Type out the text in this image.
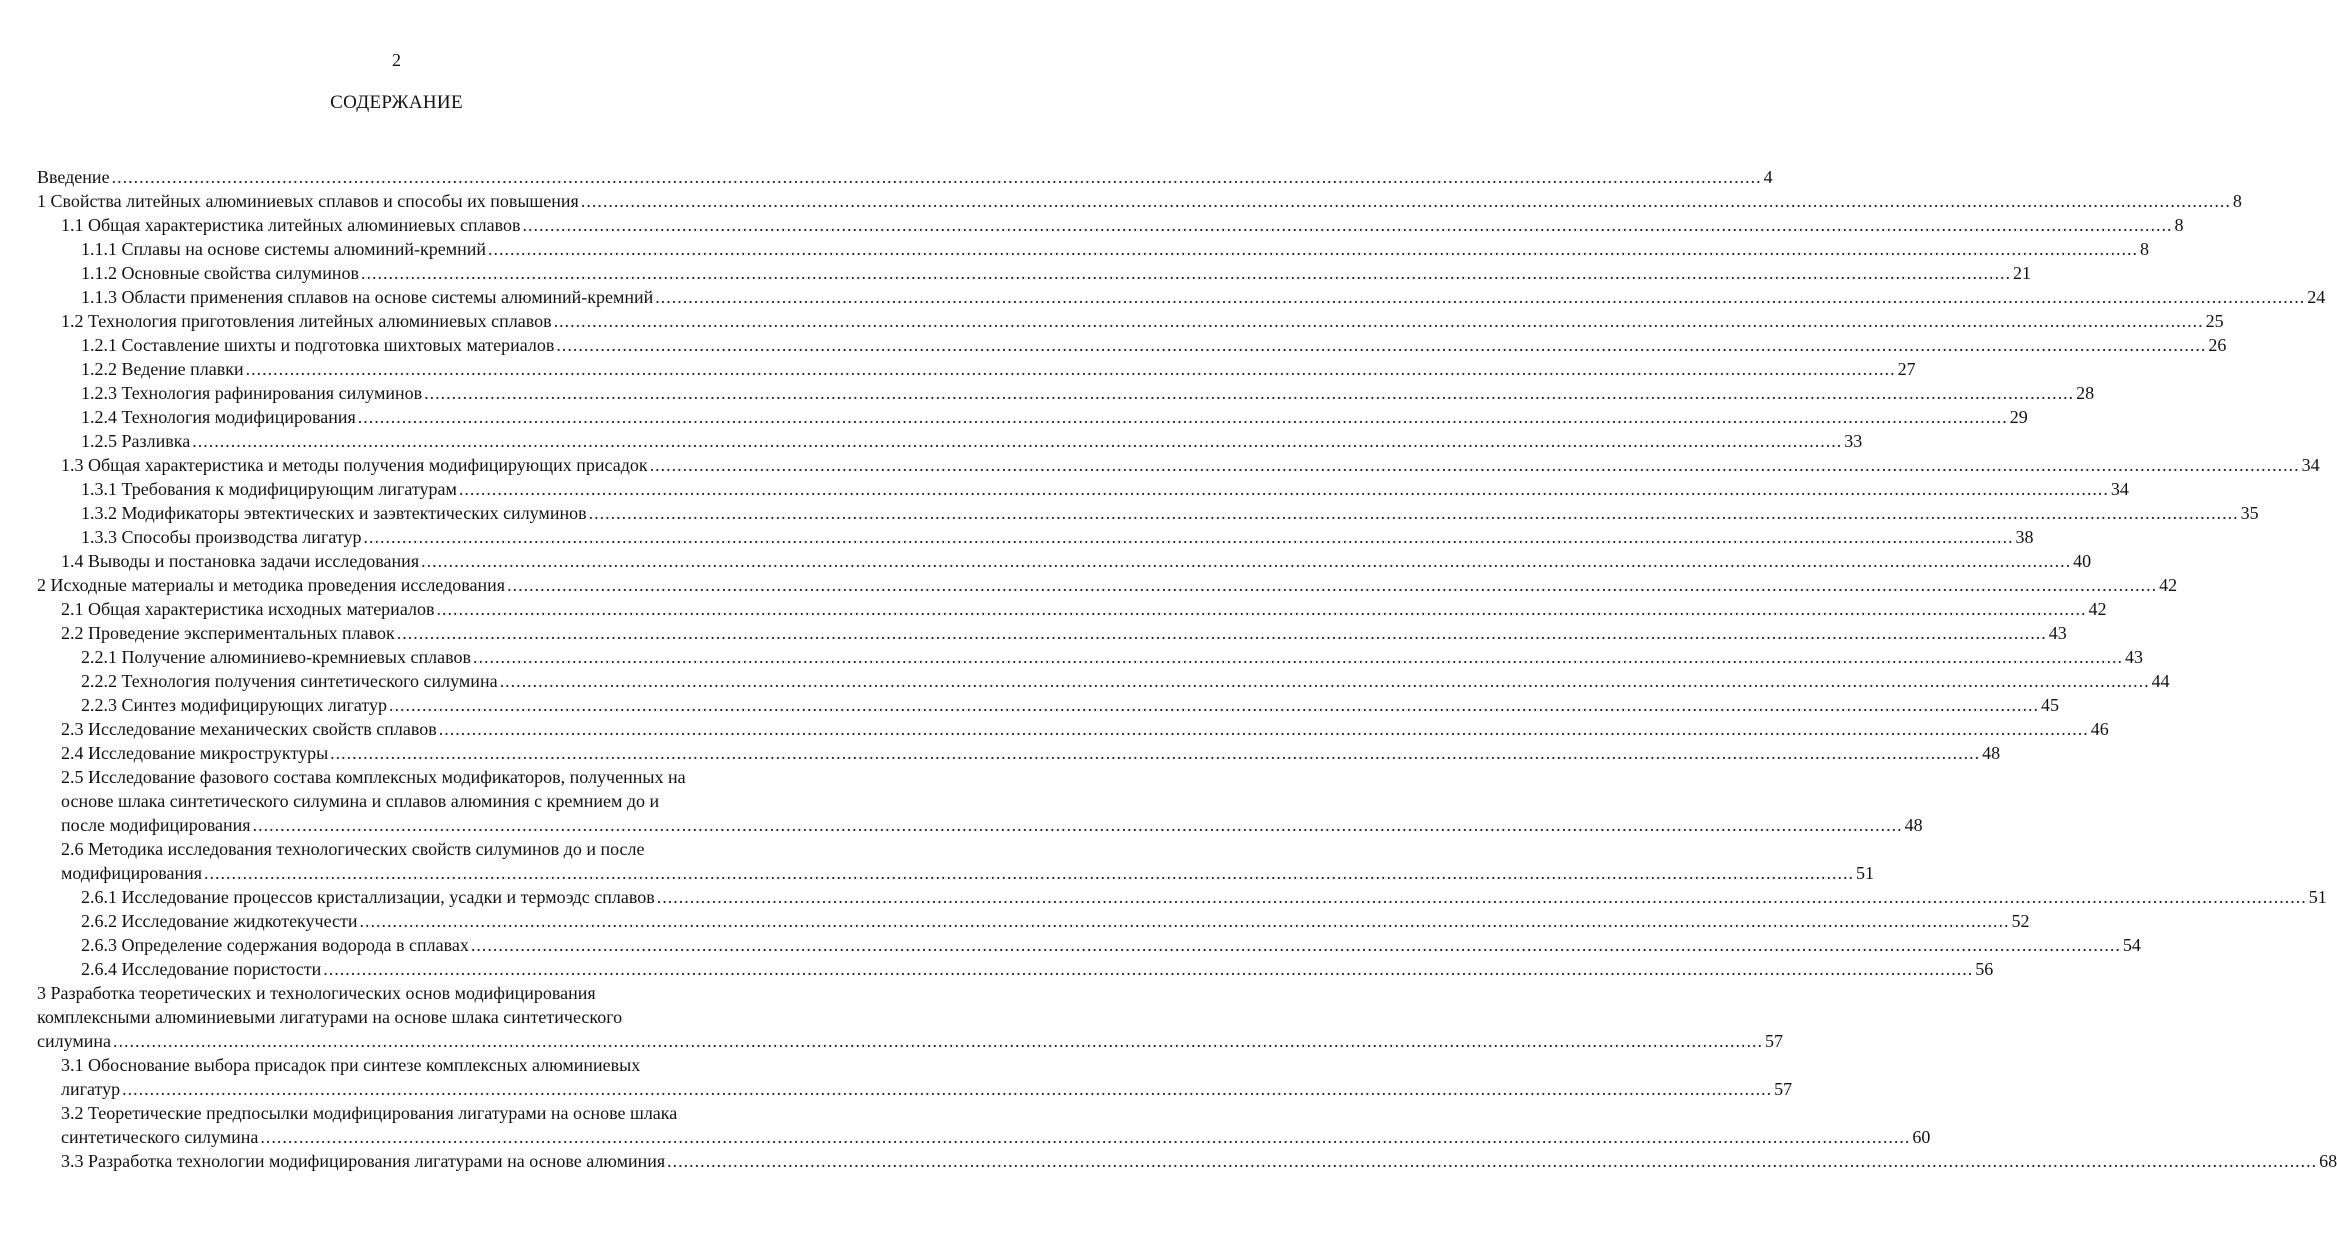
2
СОДЕРЖАНИЕ
Введение ............................................................................................................................................................................................................................................................................................................ 4
1 Свойства литейных алюминиевых сплавов и способы их повышения ............................................................................................................................................................................................................................................................................................................ 8
1.1 Общая характеристика литейных алюминиевых сплавов ............................................................................................................................................................................................................................................................................................................ 8
1.1.1 Сплавы на основе системы алюминий-кремний ............................................................................................................................................................................................................................................................................................................ 8
1.1.2 Основные свойства силуминов ............................................................................................................................................................................................................................................................................................................ 21
1.1.3 Области применения сплавов на основе системы алюминий-кремний ............................................................................................................................................................................................................................................................................................................ 24
1.2 Технология приготовления литейных алюминиевых сплавов ............................................................................................................................................................................................................................................................................................................ 25
1.2.1 Составление шихты и подготовка шихтовых материалов ............................................................................................................................................................................................................................................................................................................ 26
1.2.2 Ведение плавки ............................................................................................................................................................................................................................................................................................................ 27
1.2.3 Технология рафинирования силуминов ............................................................................................................................................................................................................................................................................................................ 28
1.2.4 Технология модифицирования ............................................................................................................................................................................................................................................................................................................ 29
1.2.5 Разливка ............................................................................................................................................................................................................................................................................................................ 33
1.3 Общая характеристика и методы получения модифицирующих присадок ............................................................................................................................................................................................................................................................................................................ 34
1.3.1 Требования к модифицирующим лигатурам ............................................................................................................................................................................................................................................................................................................ 34
1.3.2 Модификаторы эвтектических и заэвтектических силуминов ............................................................................................................................................................................................................................................................................................................ 35
1.3.3 Способы производства лигатур ............................................................................................................................................................................................................................................................................................................ 38
1.4 Выводы и постановка задачи исследования ............................................................................................................................................................................................................................................................................................................ 40
2 Исходные материалы и методика проведения исследования ............................................................................................................................................................................................................................................................................................................ 42
2.1 Общая характеристика исходных материалов ............................................................................................................................................................................................................................................................................................................ 42
2.2 Проведение экспериментальных плавок ............................................................................................................................................................................................................................................................................................................ 43
2.2.1 Получение алюминиево-кремниевых сплавов ............................................................................................................................................................................................................................................................................................................ 43
2.2.2 Технология получения синтетического силумина ............................................................................................................................................................................................................................................................................................................ 44
2.2.3 Синтез модифицирующих лигатур ............................................................................................................................................................................................................................................................................................................ 45
2.3 Исследование механических свойств сплавов ............................................................................................................................................................................................................................................................................................................ 46
2.4 Исследование микроструктуры ............................................................................................................................................................................................................................................................................................................ 48
2.5 Исследование фазового состава комплексных модификаторов, полученных на
основе шлака синтетического силумина и сплавов алюминия с кремнием до и
после модифицирования ............................................................................................................................................................................................................................................................................................................ 48
2.6 Методика исследования технологических свойств силуминов до и после
модифицирования ............................................................................................................................................................................................................................................................................................................ 51
2.6.1 Исследование процессов кристаллизации, усадки и термоэдс сплавов ............................................................................................................................................................................................................................................................................................................ 51
2.6.2 Исследование жидкотекучести ............................................................................................................................................................................................................................................................................................................ 52
2.6.3 Определение содержания водорода в сплавах ............................................................................................................................................................................................................................................................................................................ 54
2.6.4 Исследование пористости ............................................................................................................................................................................................................................................................................................................ 56
3 Разработка теоретических и технологических основ модифицирования
комплексными алюминиевыми лигатурами на основе шлака синтетического
силумина ............................................................................................................................................................................................................................................................................................................ 57
3.1 Обоснование выбора присадок при синтезе комплексных алюминиевых
лигатур ............................................................................................................................................................................................................................................................................................................ 57
3.2 Теоретические предпосылки модифицирования лигатурами на основе шлака
синтетического силумина ............................................................................................................................................................................................................................................................................................................ 60
3.3 Разработка технологии модифицирования лигатурами на основе алюминия ............................................................................................................................................................................................................................................................................................................ 68
